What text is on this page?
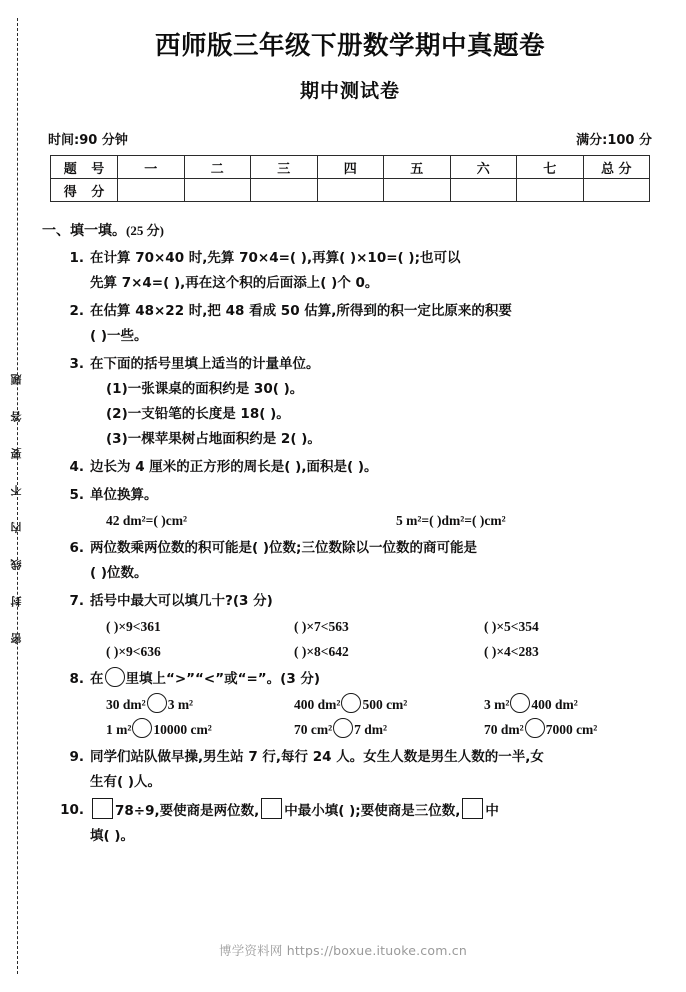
密封线内不要答题
西师版三年级下册数学期中真题卷
期中测试卷
时间:90 分钟	满分:100 分
题 号	一	二	三	四	五	六	七	总 分
得 分								
一、填一填。(25 分)
1. 在计算 70×40 时,先算 70×4=( ),再算( )×10=( );也可以
先算 7×4=( ),再在这个积的后面添上( )个 0。
2. 在估算 48×22 时,把 48 看成 50 估算,所得到的积一定比原来的积要
( )一些。
3. 在下面的括号里填上适当的计量单位。
(1)一张课桌的面积约是 30( )。
(2)一支铅笔的长度是 18( )。
(3)一棵苹果树占地面积约是 2( )。
4. 边长为 4 厘米的正方形的周长是( ),面积是( )。
5. 单位换算。
42 dm²=( )cm²	5 m²=( )dm²=( )cm²
6. 两位数乘两位数的积可能是( )位数;三位数除以一位数的商可能是
( )位数。
7. 括号中最大可以填几十?(3 分)
( )×9<361	( )×7<563	( )×5<354
( )×9<636	( )×8<642	( )×4<283
8. 在 里填上“>”“<”或“=”。(3 分)
30 dm² 3 m²	400 dm² 500 cm²	3 m² 400 dm²
1 m² 10000 cm²	70 cm² 7 dm²	70 dm² 7000 cm²
9. 同学们站队做早操,男生站 7 行,每行 24 人。女生人数是男生人数的一半,女
生有( )人。
10.	78÷9,要使商是两位数, 中最小填( );要使商是三位数, 中
填( )。
博学资料网 https://boxue.ituoke.com.cn
